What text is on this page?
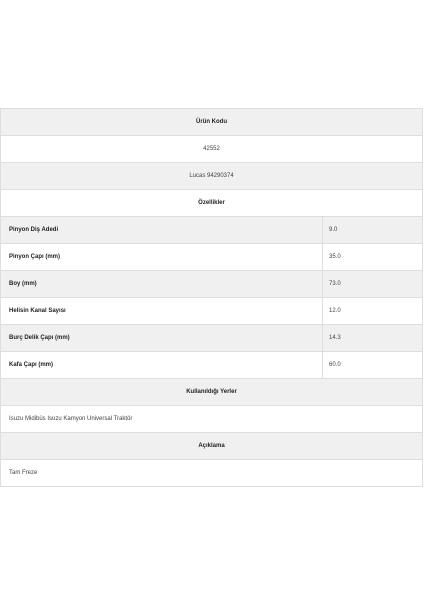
Ürün Kodu	
42552	
Lucas 94290374	
Özellikler	
Pinyon Diş Adedi	9.0
Pinyon Çapı (mm)	35.0
Boy (mm)	73.0
Helisin Kanal Sayısı	12.0
Burç Delik Çapı (mm)	14.3
Kafa Çapı (mm)	60.0
Kullanıldığı Yerler	
Isuzu Midibüs Isuzu Kamyon Universal Traktör	
Açıklama	
Tam Freze	
